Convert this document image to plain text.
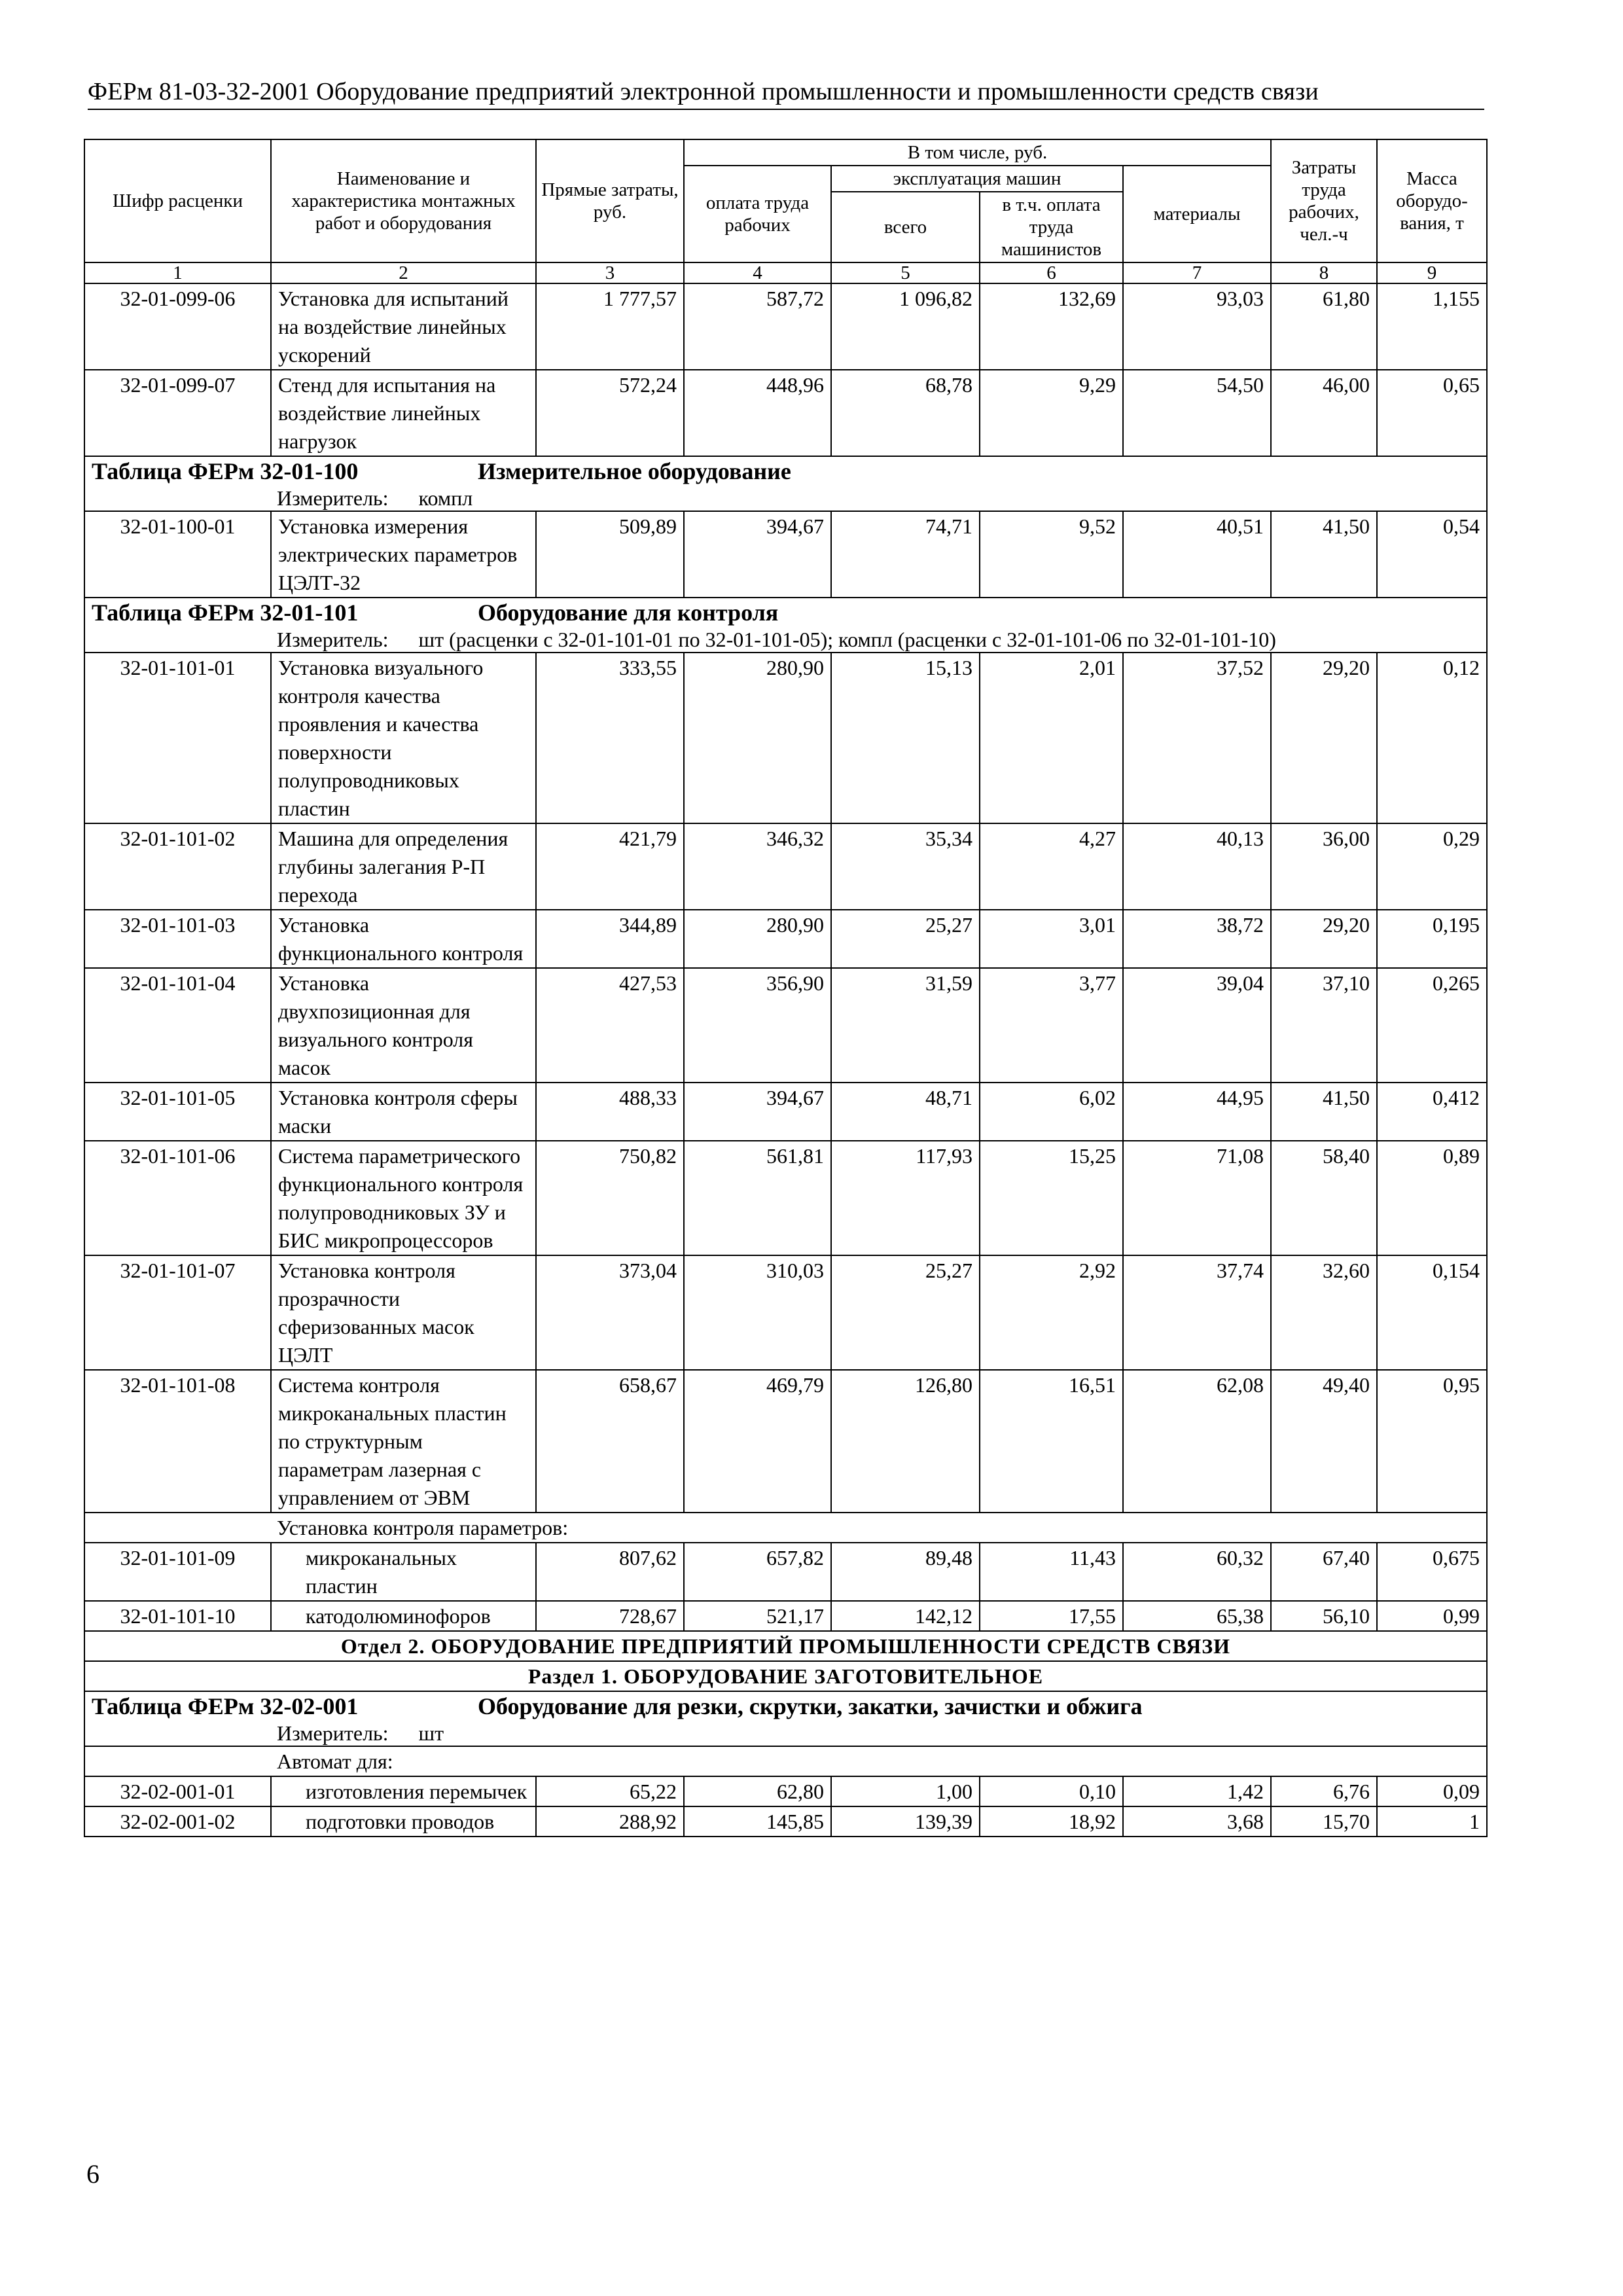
ФЕРм 81-03-32-2001 Оборудование предприятий электронной промышленности и промышленности средств связи
Шифр расценки	Наименование и характеристика монтажных работ и оборудования	Прямые затраты, руб.	В том числе, руб.				Затраты труда рабочих, чел.-ч	Масса оборудо-вания, т
			оплата труда рабочих	эксплуатация машин		материалы		
				всего	в т.ч. оплата труда машинистов			
1	2	3	4	5	6	7	8	9
32-01-099-06	Установка для испытаний на воздействие линейных ускорений	1 777,57	587,72	1 096,82	132,69	93,03	61,80	1,155
32-01-099-07	Стенд для испытания на воздействие линейных нагрузок	572,24	448,96	68,78	9,29	54,50	46,00	0,65

Таблица ФЕРм 32-01-100 Измерительное оборудование
Измеритель: компл								

32-01-100-01	Установка измерения электрических параметров ЦЭЛТ-32	509,89	394,67	74,71	9,52	40,51	41,50	0,54

Таблица ФЕРм 32-01-101 Оборудование для контроля
Измеритель: шт (расценки с 32-01-101-01 по 32-01-101-05); компл (расценки с 32-01-101-06 по 32-01-101-10)								

32-01-101-01	Установка визуального контроля качества проявления и качества поверхности полупроводниковых пластин	333,55	280,90	15,13	2,01	37,52	29,20	0,12
32-01-101-02	Машина для определения глубины залегания Р-П перехода	421,79	346,32	35,34	4,27	40,13	36,00	0,29
32-01-101-03	Установка функционального контроля	344,89	280,90	25,27	3,01	38,72	29,20	0,195
32-01-101-04	Установка двухпозиционная для визуального контроля масок	427,53	356,90	31,59	3,77	39,04	37,10	0,265
32-01-101-05	Установка контроля сферы маски	488,33	394,67	48,71	6,02	44,95	41,50	0,412
32-01-101-06	Система параметрического функционального контроля полупроводниковых ЗУ и БИС микропроцессоров	750,82	561,81	117,93	15,25	71,08	58,40	0,89
32-01-101-07	Установка контроля прозрачности сферизованных масок ЦЭЛТ	373,04	310,03	25,27	2,92	37,74	32,60	0,154
32-01-101-08	Система контроля микроканальных пластин по структурным параметрам лазерная с управлением от ЭВМ	658,67	469,79	126,80	16,51	62,08	49,40	0,95
Установка контроля параметров:								
32-01-101-09	микроканальных пластин	807,62	657,82	89,48	11,43	60,32	67,40	0,675
32-01-101-10	катодолюминофоров	728,67	521,17	142,12	17,55	65,38	56,10	0,99
Отдел 2. ОБОРУДОВАНИЕ ПРЕДПРИЯТИЙ ПРОМЫШЛЕННОСТИ СРЕДСТВ СВЯЗИ								
Раздел 1. ОБОРУДОВАНИЕ ЗАГОТОВИТЕЛЬНОЕ								

Таблица ФЕРм 32-02-001 Оборудование для резки, скрутки, закатки, зачистки и обжига
Измеритель: шт								

Автомат для:								
32-02-001-01	изготовления перемычек	65,22	62,80	1,00	0,10	1,42	6,76	0,09
32-02-001-02	подготовки проводов	288,92	145,85	139,39	18,92	3,68	15,70	1
6
